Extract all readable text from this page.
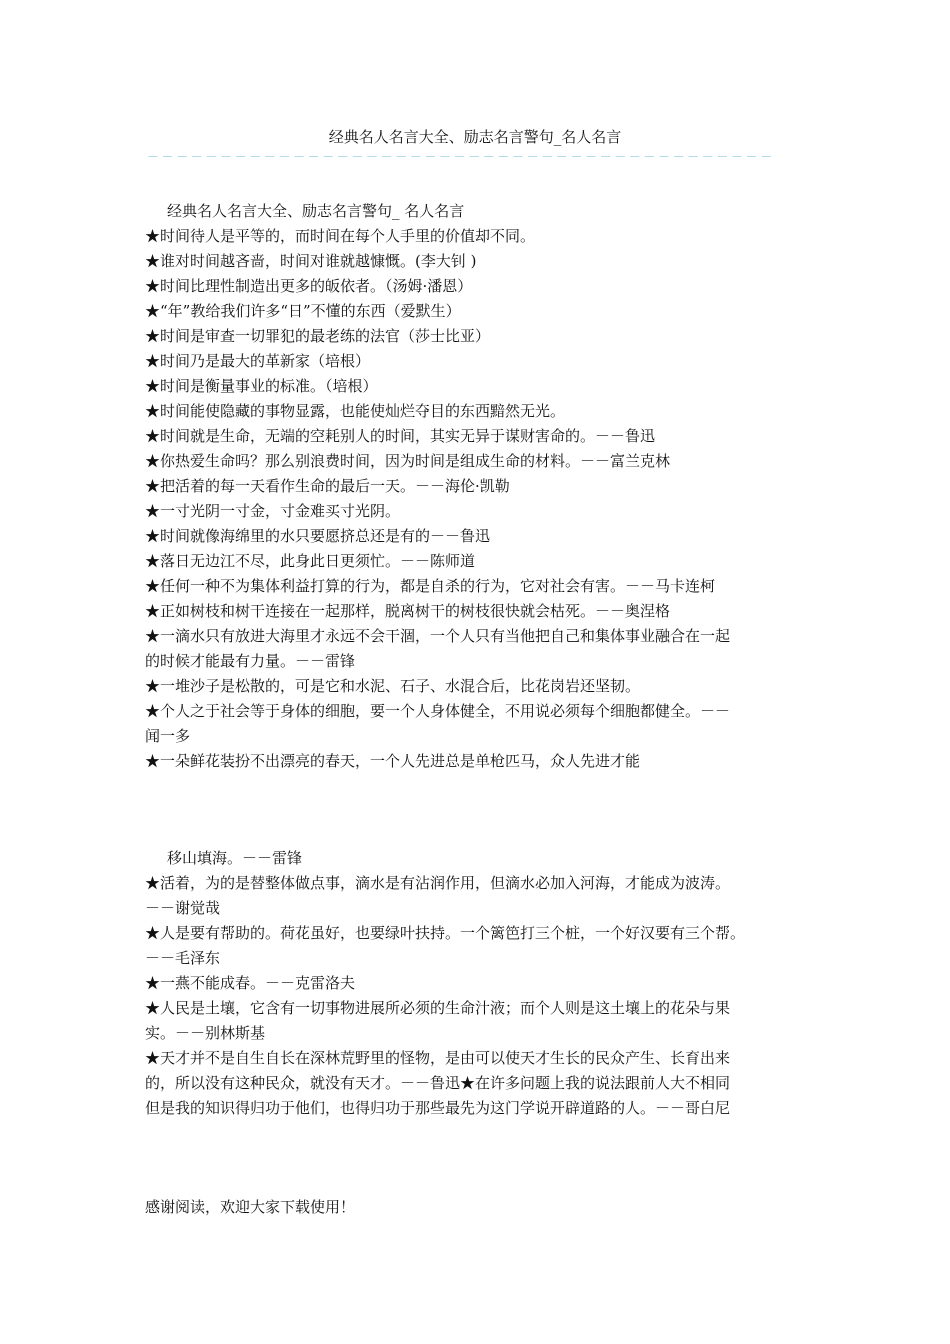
经典名人名言大全、励志名言警句_名人名言
－－－－－－－－－－－－－－－－－－－－－－－－－－－－－－－－－－－－－－－－－－－
经典名人名言大全、励志名言警句_ 名人名言
★时间待人是平等的，而时间在每个人手里的价值却不同。
★谁对时间越吝啬，时间对谁就越慷慨。(李大钊 )
★时间比理性制造出更多的皈依者。（汤姆·潘恩）
★“年”教给我们许多“日”不懂的东西（爱默生）
★时间是审查一切罪犯的最老练的法官（莎士比亚）
★时间乃是最大的革新家（培根）
★时间是衡量事业的标准。（培根）
★时间能使隐藏的事物显露，也能使灿烂夺目的东西黯然无光。
★时间就是生命，无端的空耗别人的时间，其实无异于谋财害命的。－－鲁迅
★你热爱生命吗？那么别浪费时间，因为时间是组成生命的材料。－－富兰克林
★把活着的每一天看作生命的最后一天。－－海伦·凯勒
★一寸光阴一寸金，寸金难买寸光阴。
★时间就像海绵里的水只要愿挤总还是有的－－鲁迅
★落日无边江不尽，此身此日更须忙。－－陈师道
★任何一种不为集体利益打算的行为，都是自杀的行为，它对社会有害。－－马卡连柯
★正如树枝和树干连接在一起那样，脱离树干的树枝很快就会枯死。－－奥涅格
★一滴水只有放进大海里才永远不会干涸，一个人只有当他把自己和集体事业融合在一起
的时候才能最有力量。－－雷锋
★一堆沙子是松散的，可是它和水泥、石子、水混合后，比花岗岩还坚韧。
★个人之于社会等于身体的细胞，要一个人身体健全，不用说必须每个细胞都健全。－－
闻一多
★一朵鲜花装扮不出漂亮的春天，一个人先进总是单枪匹马，众人先进才能
移山填海。－－雷锋
★活着，为的是替整体做点事，滴水是有沾润作用，但滴水必加入河海，才能成为波涛。
－－谢觉哉
★人是要有帮助的。荷花虽好，也要绿叶扶持。一个篱笆打三个桩，一个好汉要有三个帮。
－－毛泽东
★一燕不能成春。－－克雷洛夫
★人民是土壤，它含有一切事物进展所必须的生命汁液；而个人则是这土壤上的花朵与果
实。－－别林斯基
★天才并不是自生自长在深林荒野里的怪物，是由可以使天才生长的民众产生、长育出来
的，所以没有这种民众，就没有天才。－－鲁迅★在许多问题上我的说法跟前人大不相同
但是我的知识得归功于他们，也得归功于那些最先为这门学说开辟道路的人。－－哥白尼
感谢阅读，欢迎大家下载使用！
